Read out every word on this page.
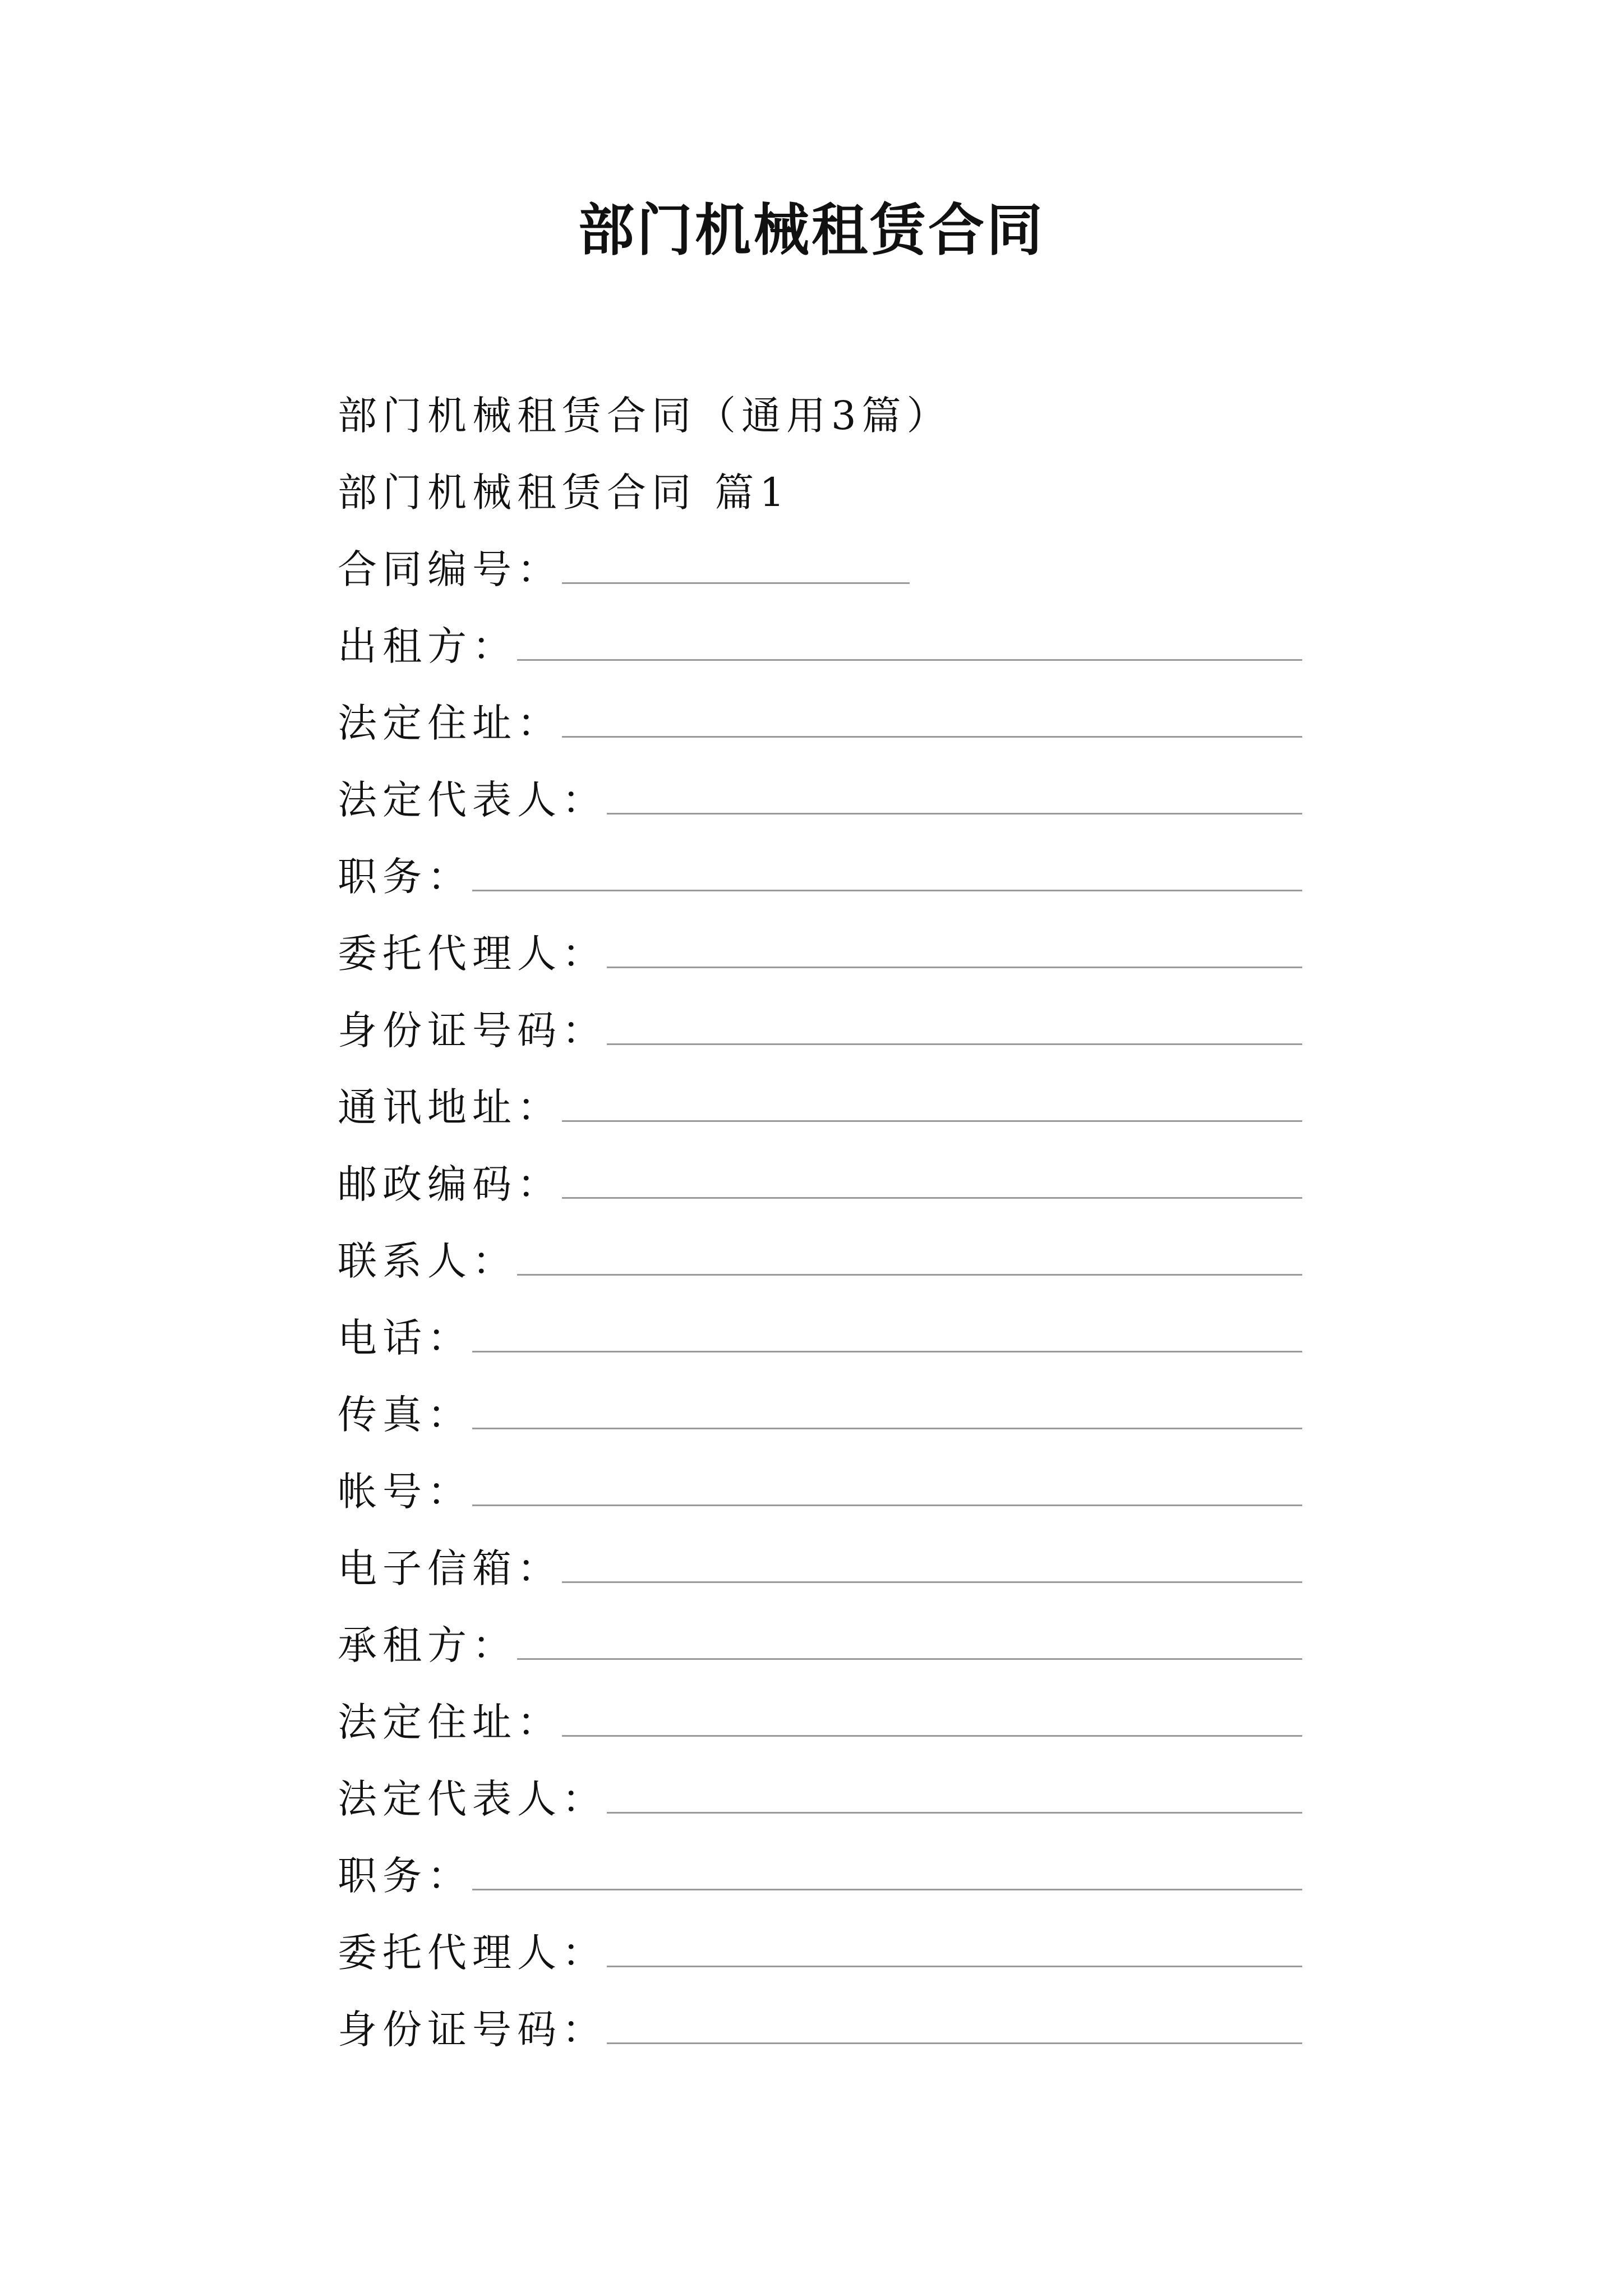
部门机械租赁合同
部门机械租赁合同（通用3篇）
部门机械租赁合同 篇1
合同编号：
出租方：
法定住址：
法定代表人：
职务：
委托代理人：
身份证号码：
通讯地址：
邮政编码：
联系人：
电话：
传真：
帐号：
电子信箱：
承租方：
法定住址：
法定代表人：
职务：
委托代理人：
身份证号码：
